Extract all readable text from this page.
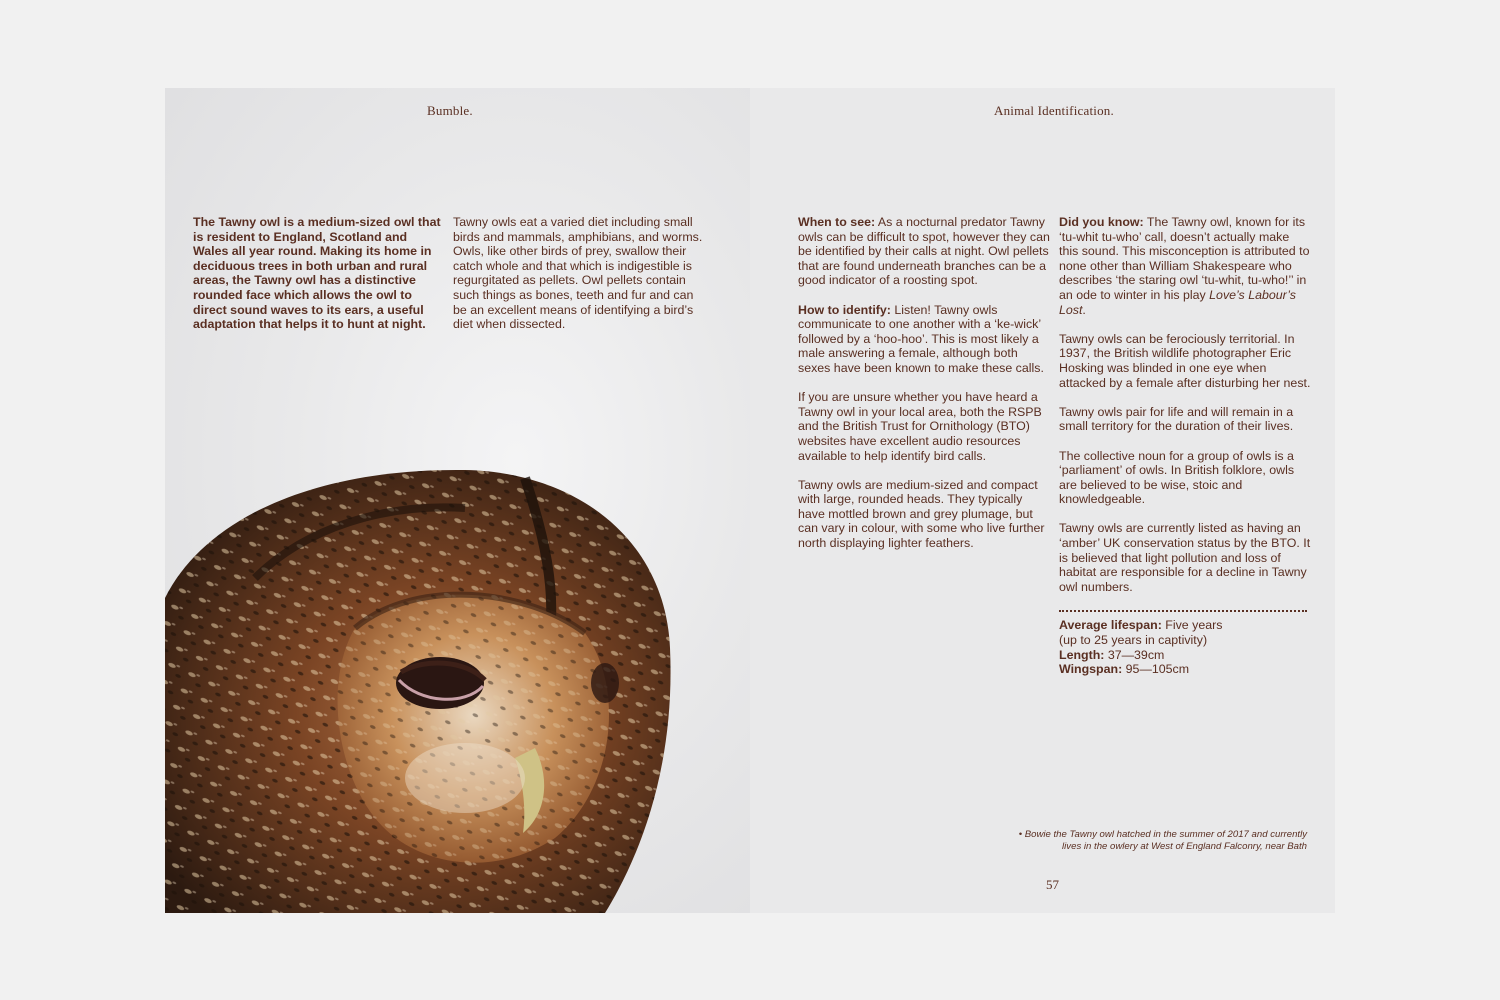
Bumble.	Animal Identification.

The Tawny owl is a medium-sized owl that is resident to England, Scotland and Wales all year round. Making its home in deciduous trees in both urban and rural areas, the Tawny owl has a distinctive rounded face which allows the owl to direct sound waves to its ears, a useful adaptation that helps it to hunt at night.

Tawny owls eat a varied diet including small birds and mammals, amphibians, and worms. Owls, like other birds of prey, swallow their catch whole and that which is indigestible is regurgitated as pellets. Owl pellets contain such things as bones, teeth and fur and can be an excellent means of identifying a bird’s diet when dissected.

When to see: As a nocturnal predator Tawny owls can be difficult to spot, however they can be identified by their calls at night. Owl pellets that are found underneath branches can be a good indicator of a roosting spot.

How to identify: Listen! Tawny owls communicate to one another with a ‘ke-wick’ followed by a ‘hoo-hoo’. This is most likely a male answering a female, although both sexes have been known to make these calls.

If you are unsure whether you have heard a Tawny owl in your local area, both the RSPB and the British Trust for Ornithology (BTO) websites have excellent audio resources available to help identify bird calls.

Tawny owls are medium-sized and compact with large, rounded heads. They typically have mottled brown and grey plumage, but can vary in colour, with some who live further north displaying lighter feathers.

Did you know: The Tawny owl, known for its ‘tu-whit tu-who’ call, doesn’t actually make this sound. This misconception is attributed to none other than William Shakespeare who describes ‘the staring owl ‘tu-whit, tu-who!’’ in an ode to winter in his play Love’s Labour’s Lost.

Tawny owls can be ferociously territorial. In 1937, the British wildlife photographer Eric Hosking was blinded in one eye when attacked by a female after disturbing her nest.

Tawny owls pair for life and will remain in a small territory for the duration of their lives.

The collective noun for a group of owls is a ‘parliament’ of owls. In British folklore, owls are believed to be wise, stoic and knowledgeable.

Tawny owls are currently listed as having an ‘amber’ UK conservation status by the BTO. It is believed that light pollution and loss of habitat are responsible for a decline in Tawny owl numbers.

Average lifespan: Five years
(up to 25 years in captivity)
Length: 37—39cm
Wingspan: 95—105cm
• Bowie the Tawny owl hatched in the summer of 2017 and currently
lives in the owlery at West of England Falconry, near Bath
57
